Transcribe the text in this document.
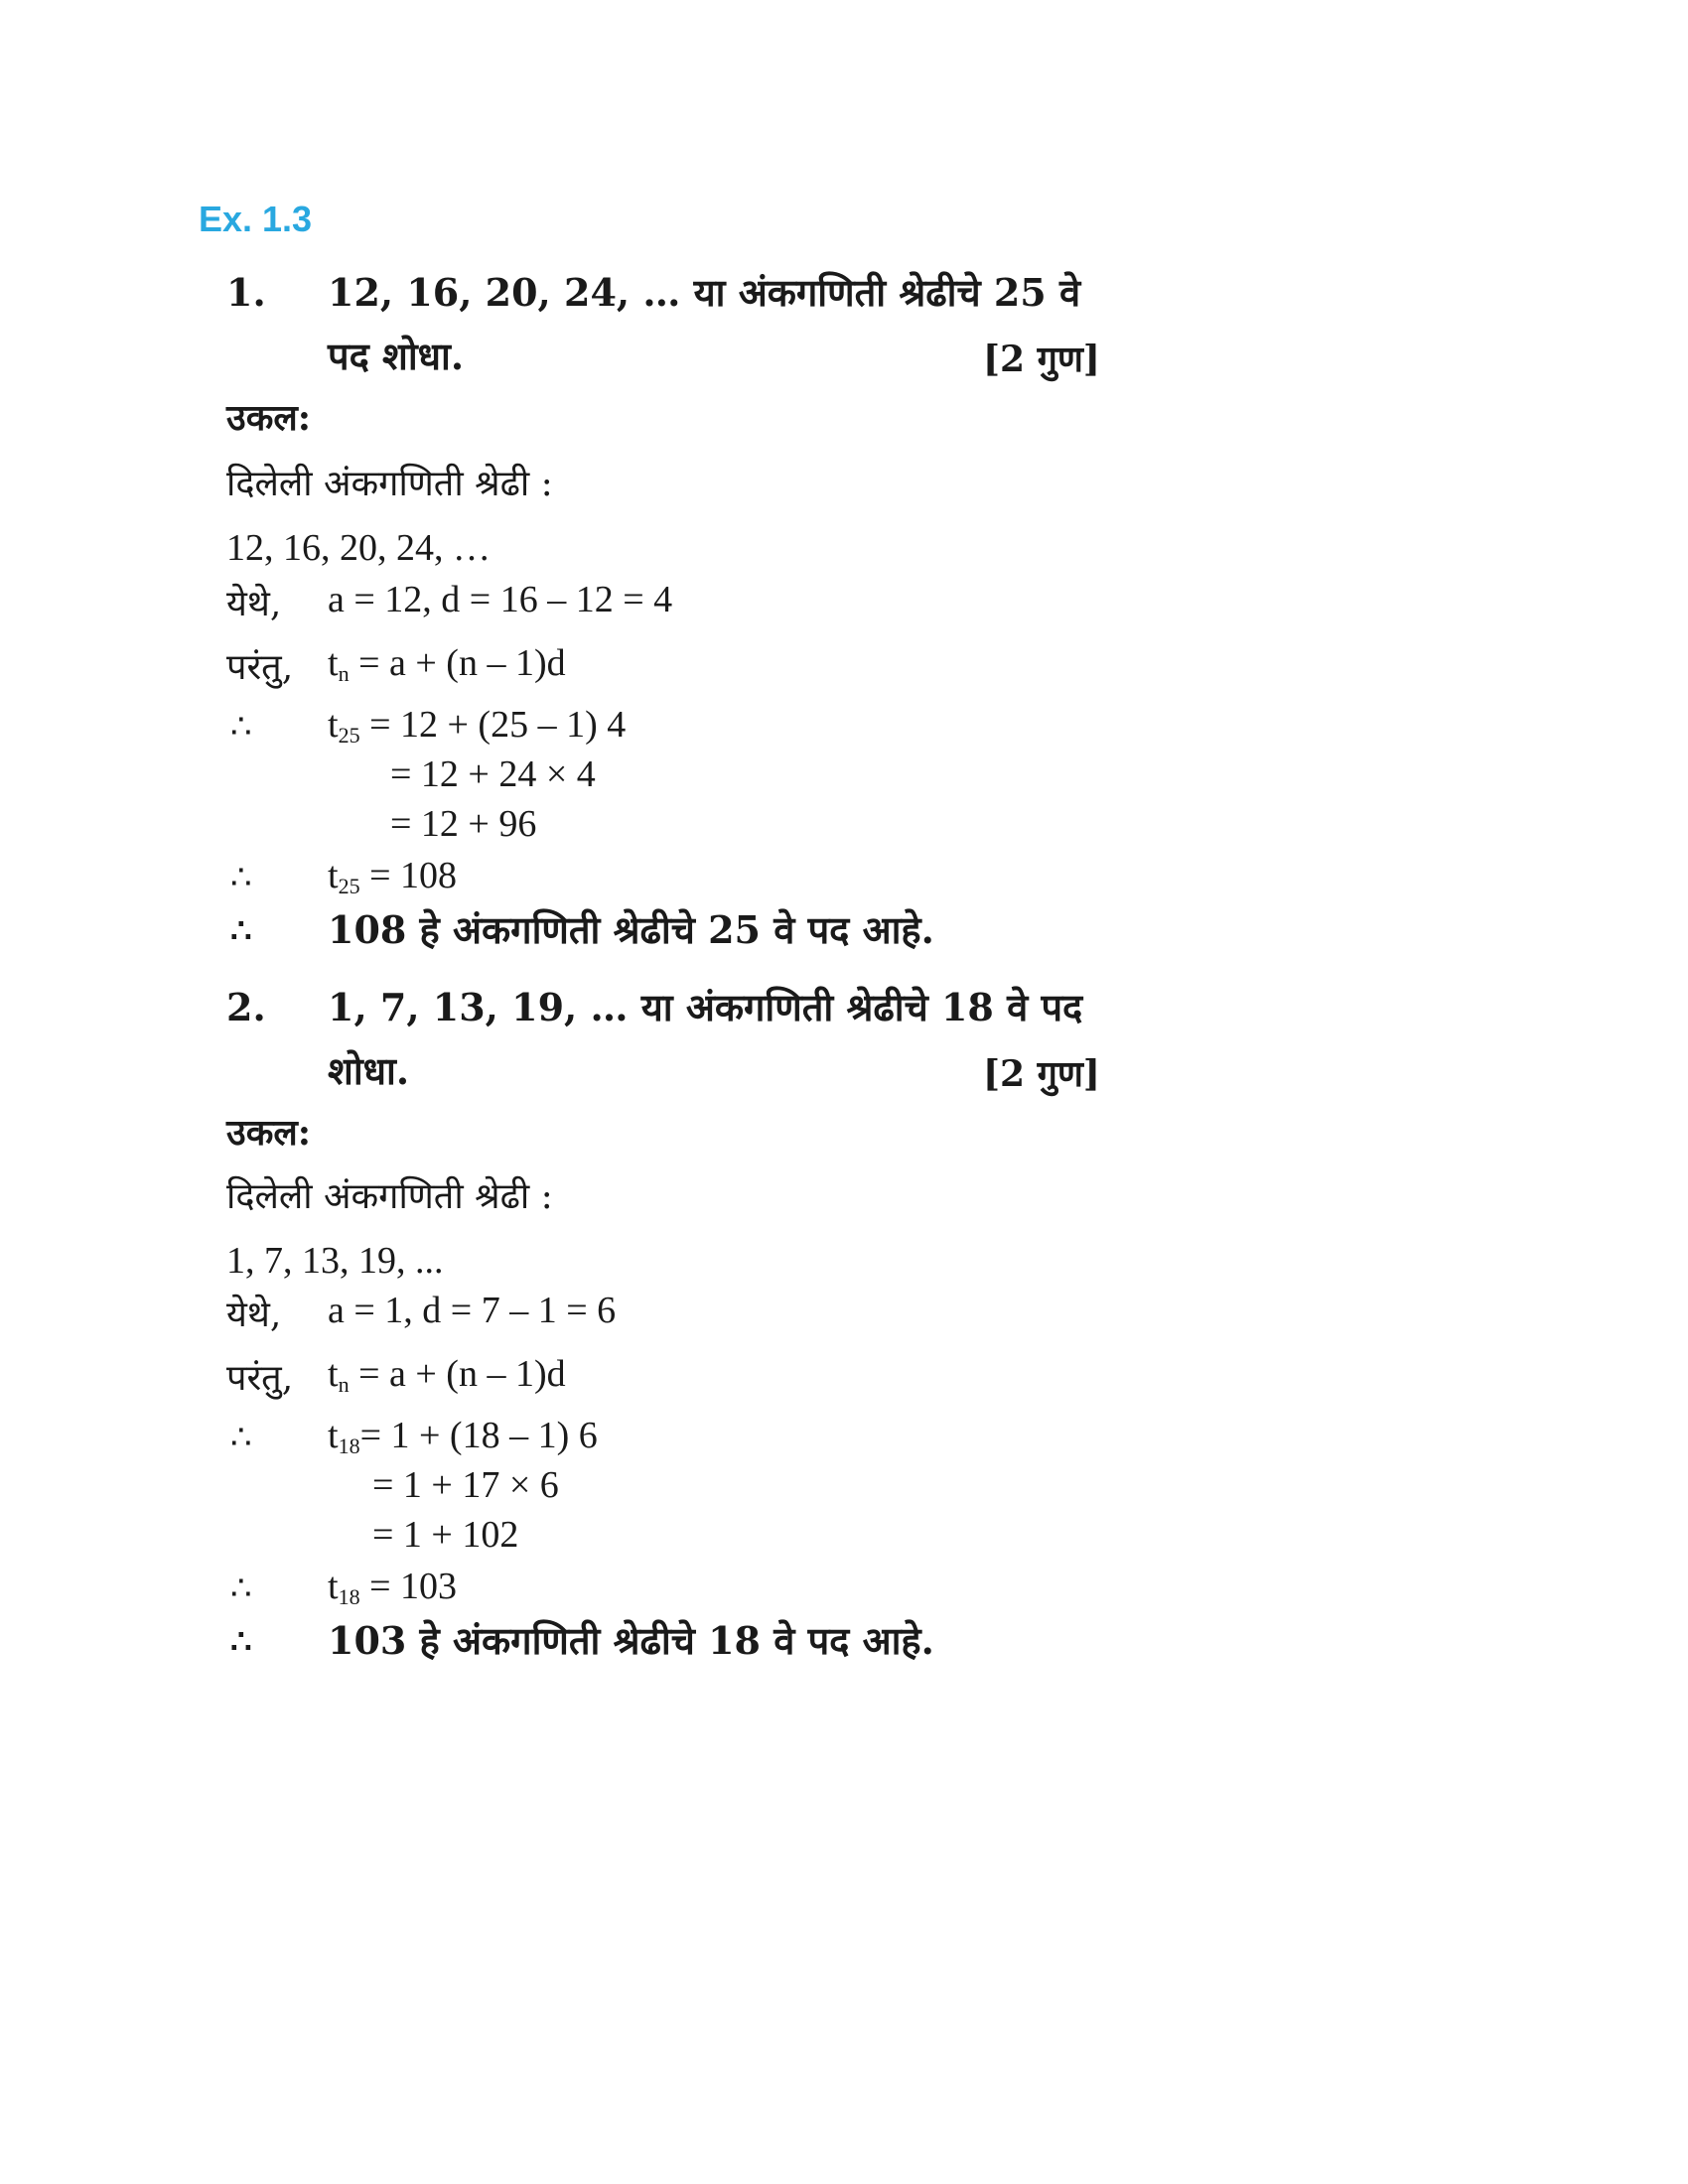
Ex. 1.3
1. 12, 16, 20, 24, … या अंकगणिती श्रेढीचे 25 वे
पद शोधा.	[2 गुण]
उकल:
दिलेली अंकगणिती श्रेढी :
12, 16, 20, 24, …
येथे, a = 12, d = 16 – 12 = 4
परंतु, $t_n = a + (n - 1)d$
∴ $t_{25} = 12 + (25 - 1)$ 4
= 12 + 24 × 4
= 12 + 96
∴ $t_{25} = 108$
∴ 108 हे अंकगणिती श्रेढीचे 25 वे पद आहे.
2. 1, 7, 13, 19, … या अंकगणिती श्रेढीचे 18 वे पद
शोधा.	[2 गुण]
उकल:
दिलेली अंकगणिती श्रेढी :
1, 7, 13, 19, ...
येथे, a = 1, d = 7 – 1 = 6
परंतु, $t_n = a + (n - 1)d$
∴ $t_{18}= 1 + (18 - 1)$ 6
= 1 + 17 × 6
= 1 + 102
∴ $t_{18} = 103$
∴ 103 हे अंकगणिती श्रेढीचे 18 वे पद आहे.
